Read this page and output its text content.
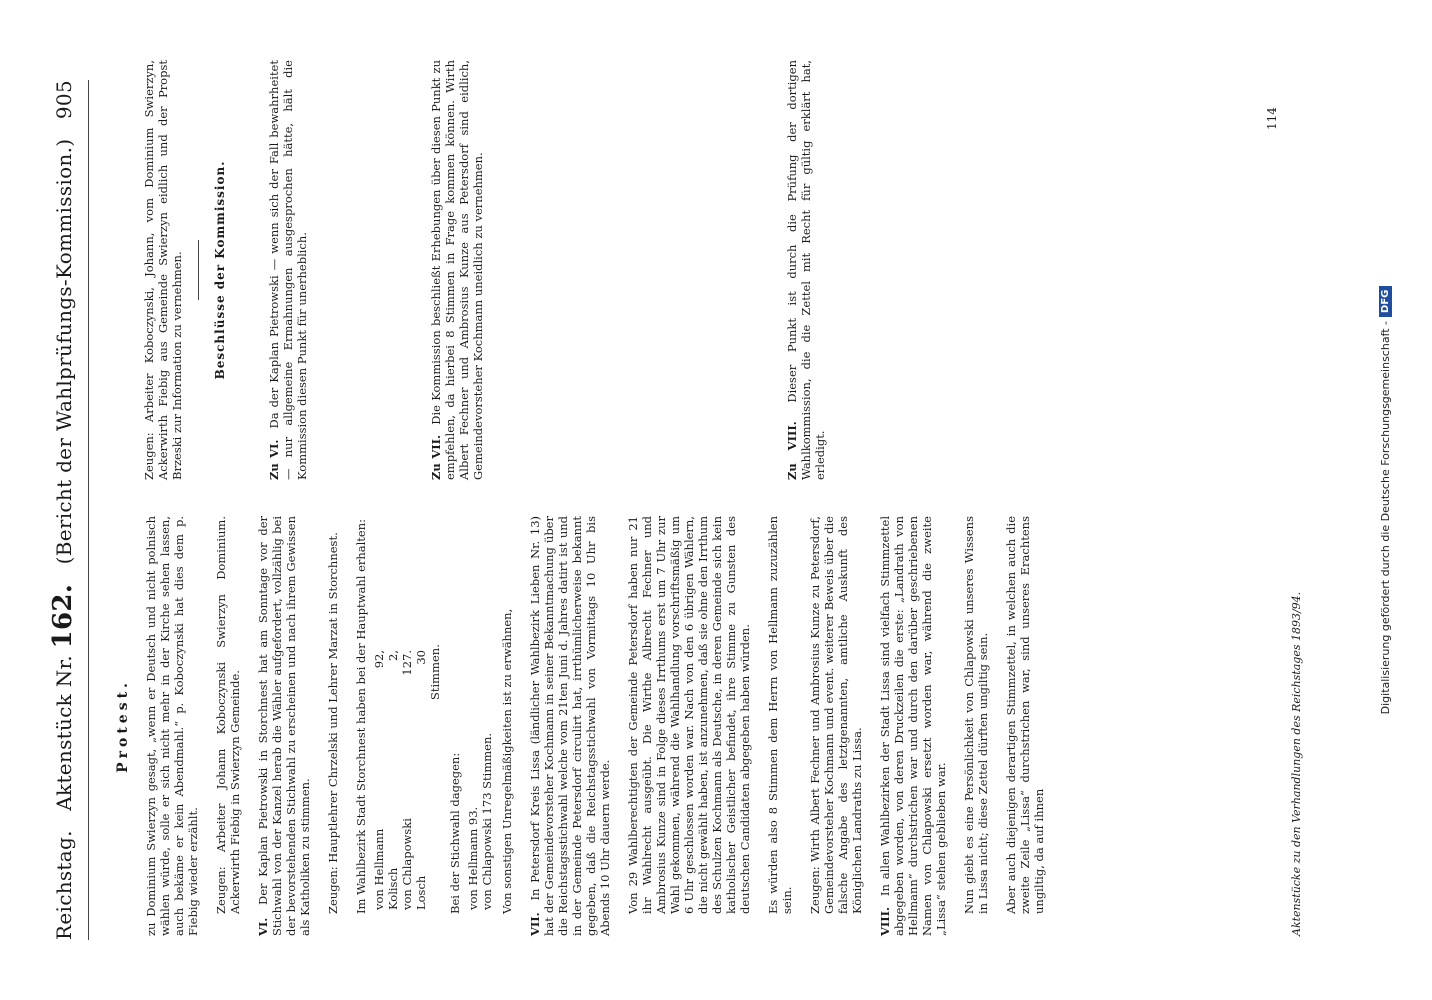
Reichstag.
Aktenstück Nr. 162.
(Bericht der Wahlprüfungs-Kommission.)
905
Protest. zu Dominium Swierzyn gesagt, „wenn er Deutsch und nicht polnisch wählen würde, solle er sich nicht mehr in der Kirche sehen lassen, auch bekäme er kein Abendmahl.“ p. Koboczynski hat dies dem p. Fiebig wieder erzählt. Zeugen: Arbeiter Johann Koboczynski Swierzyn Dominium. Ackerwirth Fiebig in Swierzyn Gemeinde.

VI. Der Kaplan Pietrowski in Storchnest hat am Sonntage vor der Stichwahl von der Kanzel herab die Wähler aufgefordert, vollzählig bei der bevorstehenden Stichwahl zu erscheinen und nach ihrem Gewissen als Katholiken zu stimmen. Zeugen: Hauptlehrer Chrzelski und Lehrer Marzat in Storchnest. Im Wahlbezirk Stadt Storchnest haben bei der Hauptwahl erhalten: von Hellmann
92,
Kolisch
2,
von Chlapowski
127.
Losch
30 Stimmen.

Bei der Stichwahl dagegen: von Hellmann 93. von Chlapowski 173 Stimmen. Von sonstigen Unregelmäßigkeiten ist zu erwähnen,

VII. In Petersdorf Kreis Lissa (ländlicher Wahlbezirk Lieben Nr. 13) hat der Gemeindevorsteher Kochmann in seiner Bekanntmachung über die Reichstagsstichwahl welche vom 21ten Juni d. Jahres datirt ist und in der Gemeinde Petersdorf circulirt hat, irrthümlicherweise bekannt gegeben, daß die Reichstagsstichwahl von Vormittags 10 Uhr bis Abends 10 Uhr dauern werde. Von 29 Wahlberechtigten der Gemeinde Petersdorf haben nur 21 ihr Wahlrecht ausgeübt. Die Wirthe Albrecht Fechner und Ambrosius Kunze sind in Folge dieses Irrthums erst um 7 Uhr zur Wahl gekommen, während die Wahlhandlung vorschriftsmäßig um 6 Uhr geschlossen worden war. Nach von den 6 übrigen Wählern, die nicht gewählt haben, ist anzunehmen, daß sie ohne den Irrthum des Schulzen Kochmann als Deutsche, in deren Gemeinde sich kein katholischer Geistlicher befindet, ihre Stimme zu Gunsten des deutschen Candidaten abgegeben haben würden. Es würden also 8 Stimmen dem Herrn von Hellmann zuzuzählen sein. Zeugen: Wirth Albert Fechner und Ambrosius Kunze zu Petersdorf, Gemeindevorsteher Kochmann und event. weiterer Beweis über die falsche Angabe des letztgenannten, amtliche Auskunft des Königlichen Landraths zu Lissa.

VIII. In allen Wahlbezirken der Stadt Lissa sind vielfach Stimmzettel abgegeben worden, von deren Druckzeilen die erste: „Landrath von Hellmann“ durchstrichen war und durch den darüber geschriebenen Namen von Chlapowski ersetzt worden war, während die zweite „Lissa“ stehen geblieben war. Nun giebt es eine Persönlichkeit von Chlapowski unseres Wissens in Lissa nicht; diese Zettel dürften ungiltig sein. Aber auch diejenigen derartigen Stimmzettel, in welchen auch die zweite Zeile „Lissa“ durchstrichen war, sind unseres Erachtens ungiltig, da auf ihnen

Zeugen: Arbeiter Koboczynski, Johann, vom Dominium Swierzyn, Ackerwirth Fiebig aus Gemeinde Swierzyn eidlich und der Propst Brzeski zur Information zu vernehmen. Beschlüsse der Kommission.

Zu VI. Da der Kaplan Pietrowski — wenn sich der Fall bewahrheitet — nur allgemeine Ermahnungen ausgesprochen hätte, hält die Kommission diesen Punkt für unerheblich.	Zu VII. Die Kommission beschließt Erhebungen über diesen Punkt zu empfehlen, da hierbei 8 Stimmen in Frage kommen können. Wirth Albert Fechner und Ambrosius Kunze aus Petersdorf sind eidlich, Gemeindevorsteher Kochmann uneidlich zu vernehmen.	Zu VIII. Dieser Punkt ist durch die Prüfung der dortigen Wahlkommission, die die Zettel mit Recht für gültig erklärt hat, erledigt.

Aktenstücke zu den Verhandlungen des Reichstages 1893/94.
114
Digitalisierung gefördert durch die Deutsche Forschungsgemeinschaft -
DFG
